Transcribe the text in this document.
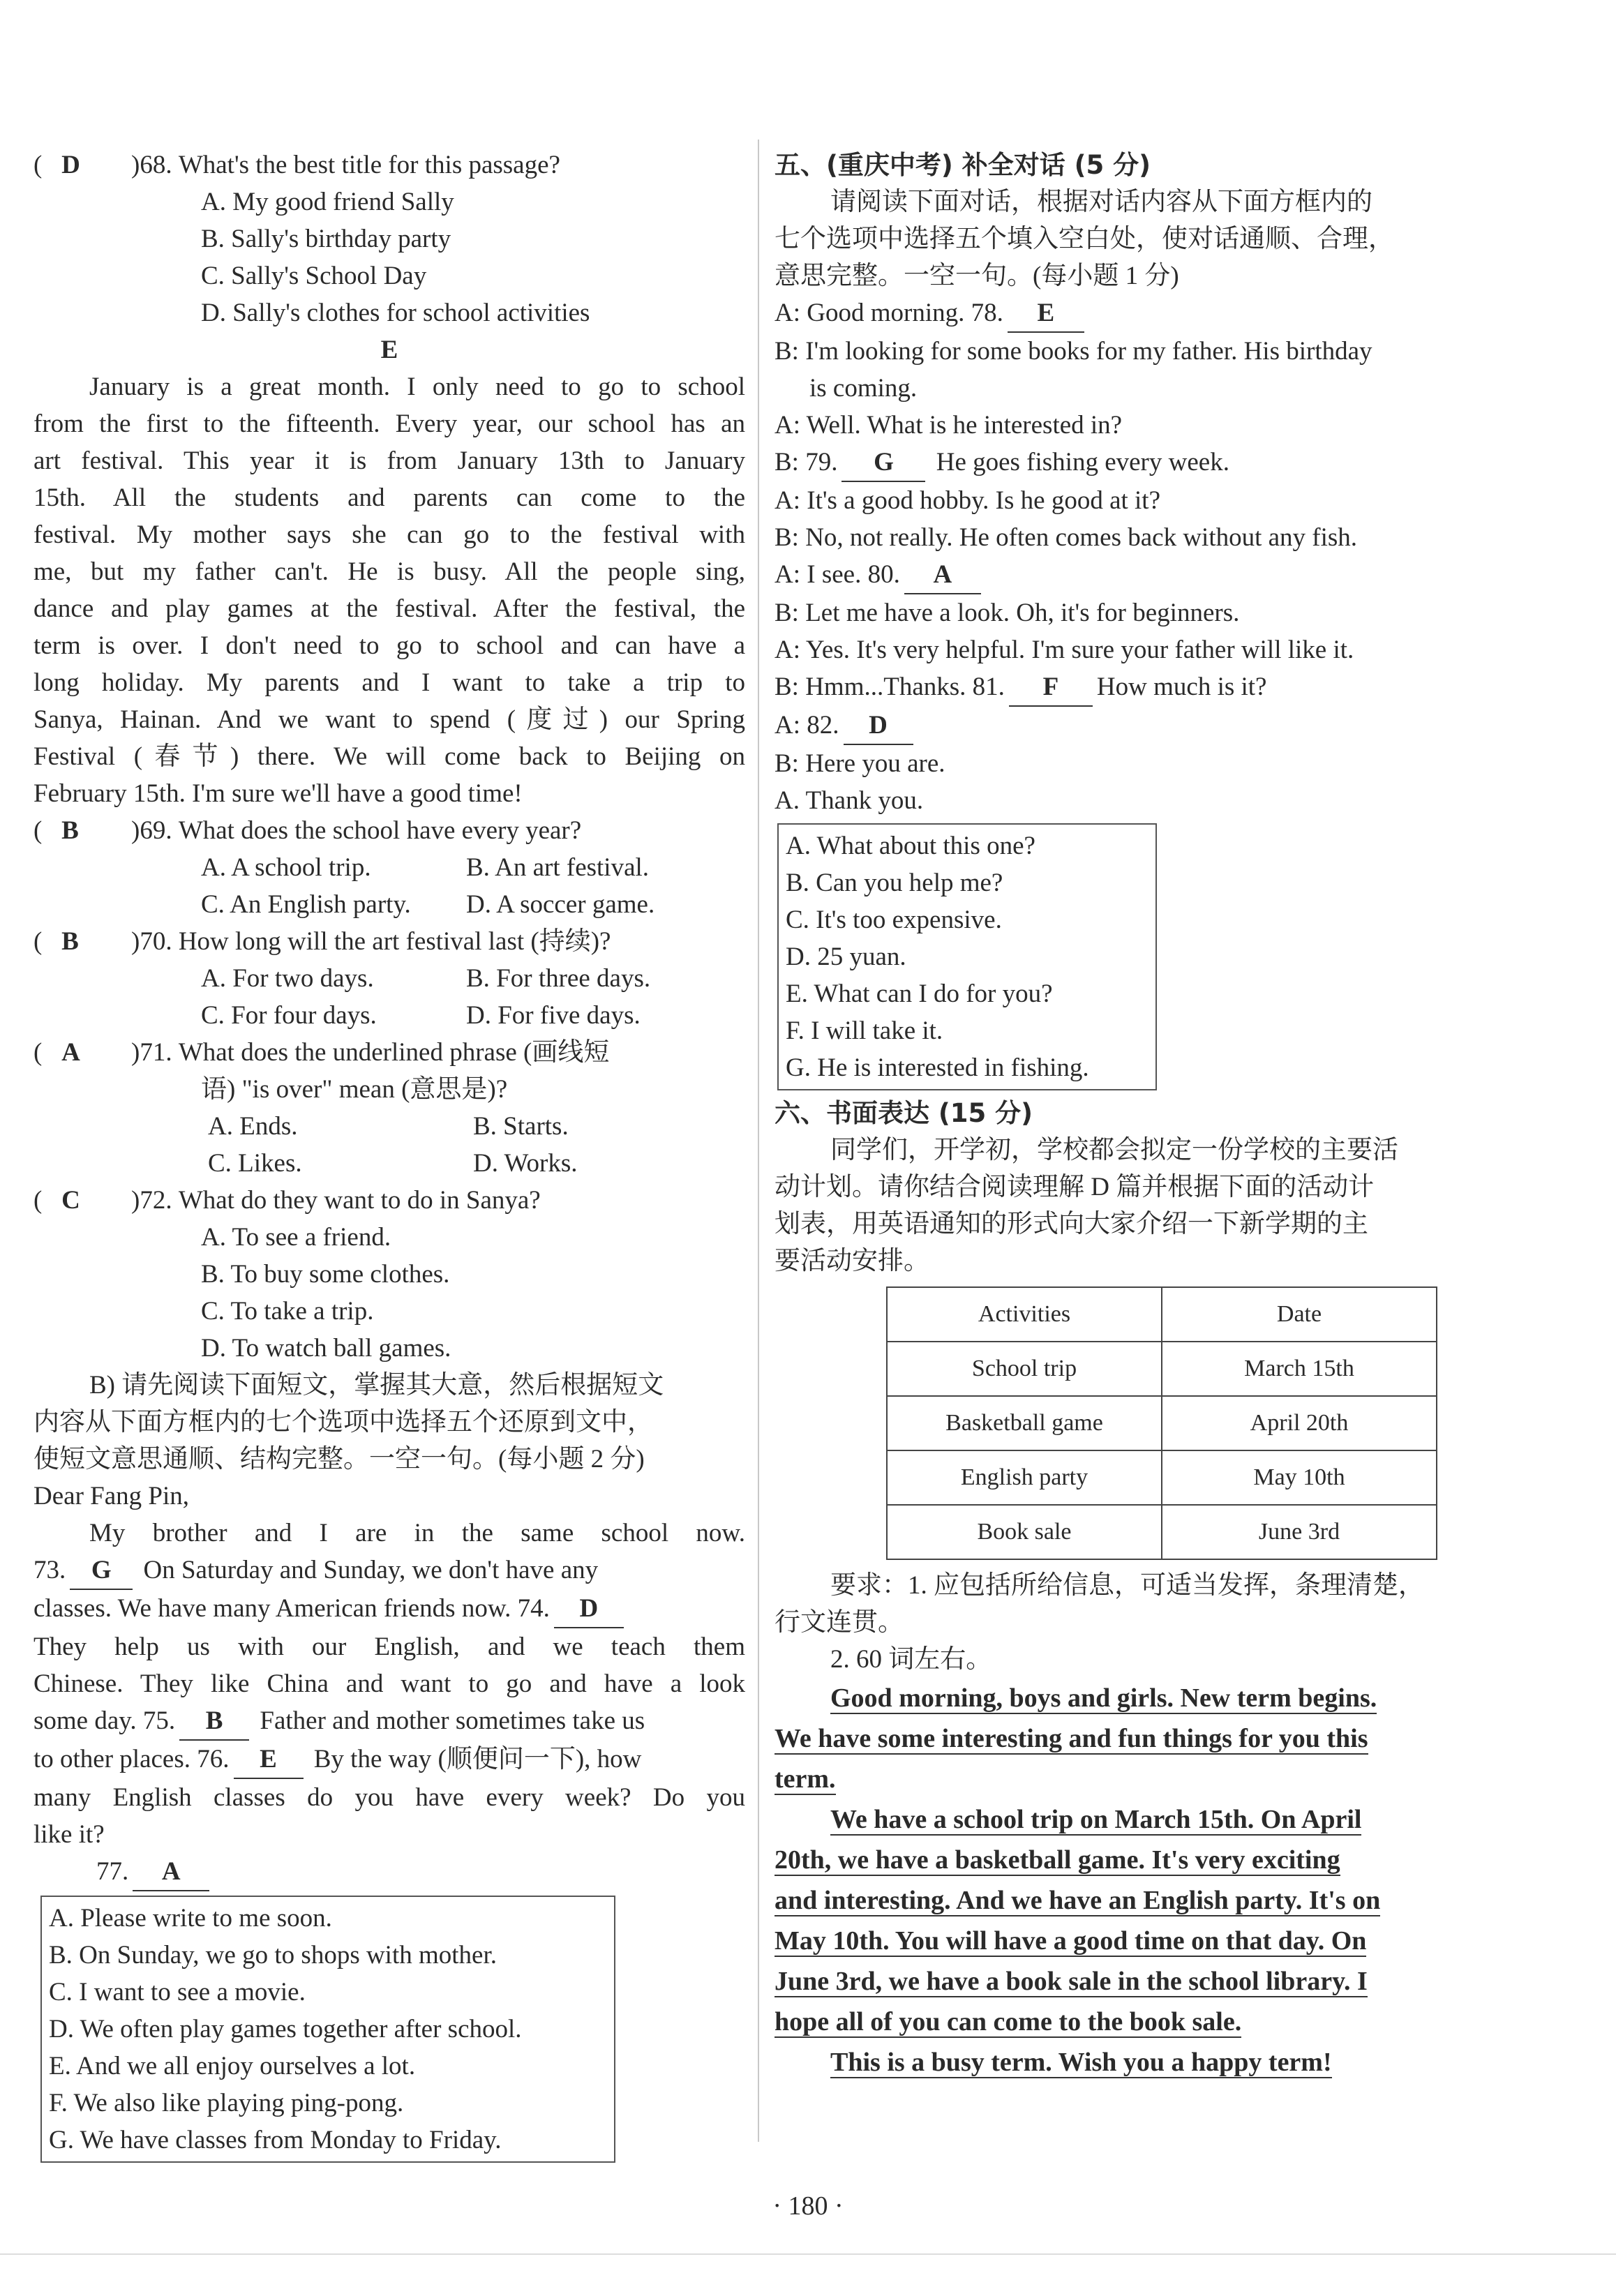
(   D	)68.
What's the best title for this passage?
A. My good friend Sally
B. Sally's birthday party
C. Sally's School Day
D. Sally's clothes for school activities
E
January is a great month. I only need to go to school
from the first to the fifteenth. Every year, our school has an
art festival. This year it is from January 13th to January
15th. All the students and parents can come to the
festival. My mother says she can go to the festival with
me, but my father can't. He is busy. All the people sing,
dance and play games at the festival. After the festival, the
term is over. I don't need to go to school and can have a
long holiday. My parents and I want to take a trip to
Sanya, Hainan. And we want to spend (度过) our Spring
Festival (春节) there. We will come back to Beijing on
February 15th. I'm sure we'll have a good time!
(   B	)69.
What does the school have every year?
A. A school trip.	B. An art festival.
C. An English party.	D. A soccer game.
(   B	)70.
How long will the art festival last (持续)?
A. For two days.	B. For three days.
C. For four days.	D. For five days.
(   A	)71.
What does the underlined phrase (画线短
语) "is over" mean (意思是)?
A. Ends.	B. Starts.
C. Likes.	D. Works.
(   C	)72.
What do they want to do in Sanya?
A. To see a friend.
B. To buy some clothes.
C. To take a trip.
D. To watch ball games.
B) 请先阅读下面短文，掌握其大意，然后根据短文
内容从下面方框内的七个选项中选择五个还原到文中，
使短文意思通顺、结构完整。一空一句。(每小题 2 分)
Dear Fang Pin,
My brother and I are in the same school now.
73. G On Saturday and Sunday, we don't have any
classes. We have many American friends now. 74. D
They help us with our English, and we teach them
Chinese. They like China and want to go and have a look
some day. 75. B Father and mother sometimes take us
to other places. 76. E By the way (顺便问一下), how
many English classes do you have every week? Do you
like it?
77. A
A. Please write to me soon.
B. On Sunday, we go to shops with mother.
C. I want to see a movie.
D. We often play games together after school.
E. And we all enjoy ourselves a lot.
F. We also like playing ping-pong.
G. We have classes from Monday to Friday.
五、(重庆中考) 补全对话 (5 分)
请阅读下面对话，根据对话内容从下面方框内的
七个选项中选择五个填入空白处，使对话通顺、合理，
意思完整。一空一句。(每小题 1 分)
A: Good morning. 78. E
B: I'm looking for some books for my father. His birthday
is coming.
A: Well. What is he interested in?
B: 79. G He goes fishing every week.
A: It's a good hobby. Is he good at it?
B: No, not really. He often comes back without any fish.
A: I see. 80. A
B: Let me have a look. Oh, it's for beginners.
A: Yes. It's very helpful. I'm sure your father will like it.
B: Hmm...Thanks. 81. F How much is it?
A: 82. D
B: Here you are.
A. Thank you.
A. What about this one?
B. Can you help me?
C. It's too expensive.
D. 25 yuan.
E. What can I do for you?
F. I will take it.
G. He is interested in fishing.
六、书面表达 (15 分)
同学们，开学初，学校都会拟定一份学校的主要活
动计划。请你结合阅读理解 D 篇并根据下面的活动计
划表，用英语通知的形式向大家介绍一下新学期的主
要活动安排。
Activities	Date
School trip	March 15th
Basketball game	April 20th
English party	May 10th
Book sale	June 3rd
要求：1. 应包括所给信息，可适当发挥，条理清楚，
行文连贯。
2. 60 词左右。
Good morning, boys and girls. New term begins.
We have some interesting and fun things for you this
term.
We have a school trip on March 15th. On April
20th, we have a basketball game. It's very exciting
and interesting. And we have an English party. It's on
May 10th. You will have a good time on that day. On
June 3rd, we have a book sale in the school library. I
hope all of you can come to the book sale.
This is a busy term. Wish you a happy term!
· 180 ·
